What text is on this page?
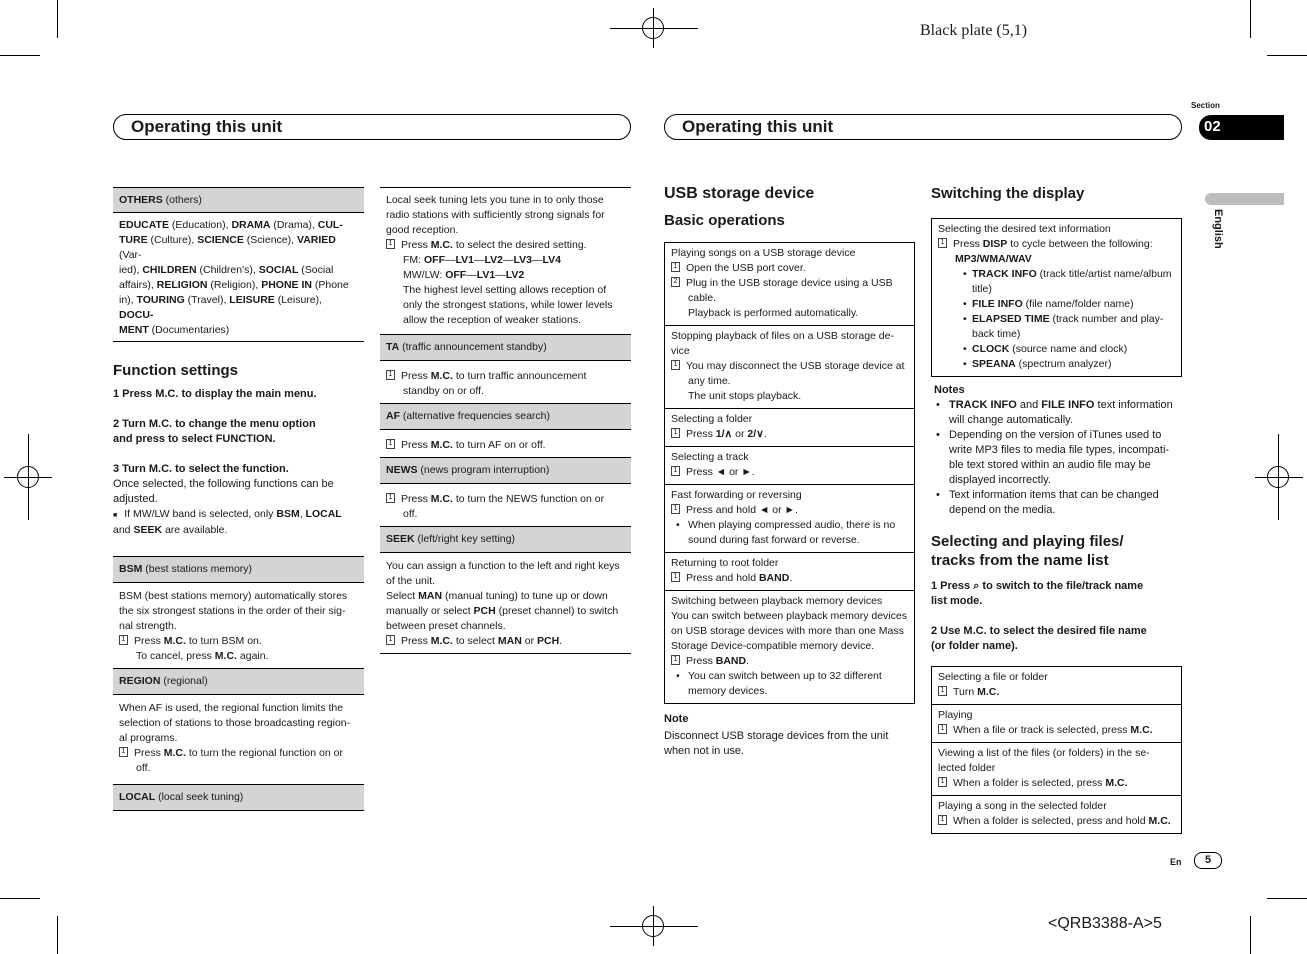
Black plate (5,1)
Operating this unit	Operating this unit
Section
02
English
OTHERS (others)
EDUCATE (Education), DRAMA (Drama), CUL-
TURE (Culture), SCIENCE (Science), VARIED (Var-
ied), CHILDREN (Children's), SOCIAL (Social
affairs), RELIGION (Religion), PHONE IN (Phone
in), TOURING (Travel), LEISURE (Leisure), DOCU-
MENT (Documentaries)
Function settings
1 Press M.C. to display the main menu.
2 Turn M.C. to change the menu option
and press to select FUNCTION.
3 Turn M.C. to select the function.
Once selected, the following functions can be
adjusted.
■ If MW/LW band is selected, only BSM, LOCAL
and SEEK are available.
BSM (best stations memory)
BSM (best stations memory) automatically stores
the six strongest stations in the order of their sig-
nal strength.
1 Press M.C. to turn BSM on.
To cancel, press M.C. again.
REGION (regional)
When AF is used, the regional function limits the
selection of stations to those broadcasting region-
al programs.
1 Press M.C. to turn the regional function on or
off.
LOCAL (local seek tuning)
Local seek tuning lets you tune in to only those
radio stations with sufficiently strong signals for
good reception.
1 Press M.C. to select the desired setting.
FM: OFF—LV1—LV2—LV3—LV4
MW/LW: OFF—LV1—LV2
The highest level setting allows reception of
only the strongest stations, while lower levels
allow the reception of weaker stations.
TA (traffic announcement standby)
1 Press M.C. to turn traffic announcement
standby on or off.
AF (alternative frequencies search)
1 Press M.C. to turn AF on or off.
NEWS (news program interruption)
1 Press M.C. to turn the NEWS function on or
off.
SEEK (left/right key setting)
You can assign a function to the left and right keys
of the unit.
Select MAN (manual tuning) to tune up or down
manually or select PCH (preset channel) to switch
between preset channels.
1 Press M.C. to select MAN or PCH.
USB storage device
Basic operations
Playing songs on a USB storage device
1 Open the USB port cover.
2 Plug in the USB storage device using a USB
cable.
Playback is performed automatically.
Stopping playback of files on a USB storage de-
vice
1 You may disconnect the USB storage device at
any time.
The unit stops playback.
Selecting a folder
1 Press 1/∧ or 2/∨.
Selecting a track
1 Press ◄ or ►.
Fast forwarding or reversing
1 Press and hold ◄ or ►.
• When playing compressed audio, there is no
sound during fast forward or reverse.
Returning to root folder
1 Press and hold BAND.
Switching between playback memory devices
You can switch between playback memory devices
on USB storage devices with more than one Mass
Storage Device-compatible memory device.
1 Press BAND.
• You can switch between up to 32 different
memory devices.
Note
Disconnect USB storage devices from the unit
when not in use.
Switching the display
Selecting the desired text information
1 Press DISP to cycle between the following:
MP3/WMA/WAV
• TRACK INFO (track title/artist name/album
title)
• FILE INFO (file name/folder name)
• ELAPSED TIME (track number and play-
back time)
• CLOCK (source name and clock)
• SPEANA (spectrum analyzer)
Notes
• TRACK INFO and FILE INFO text information
will change automatically.
• Depending on the version of iTunes used to
write MP3 files to media file types, incompati-
ble text stored within an audio file may be
displayed incorrectly.
• Text information items that can be changed
depend on the media.
Selecting and playing files/
tracks from the name list
1 Press ⌕ to switch to the file/track name
list mode.
2 Use M.C. to select the desired file name
(or folder name).
Selecting a file or folder
1 Turn M.C.
Playing
1 When a file or track is selected, press M.C.
Viewing a list of the files (or folders) in the se-
lected folder
1 When a folder is selected, press M.C.
Playing a song in the selected folder
1 When a folder is selected, press and hold M.C.
En	5
<QRB3388-A>5
